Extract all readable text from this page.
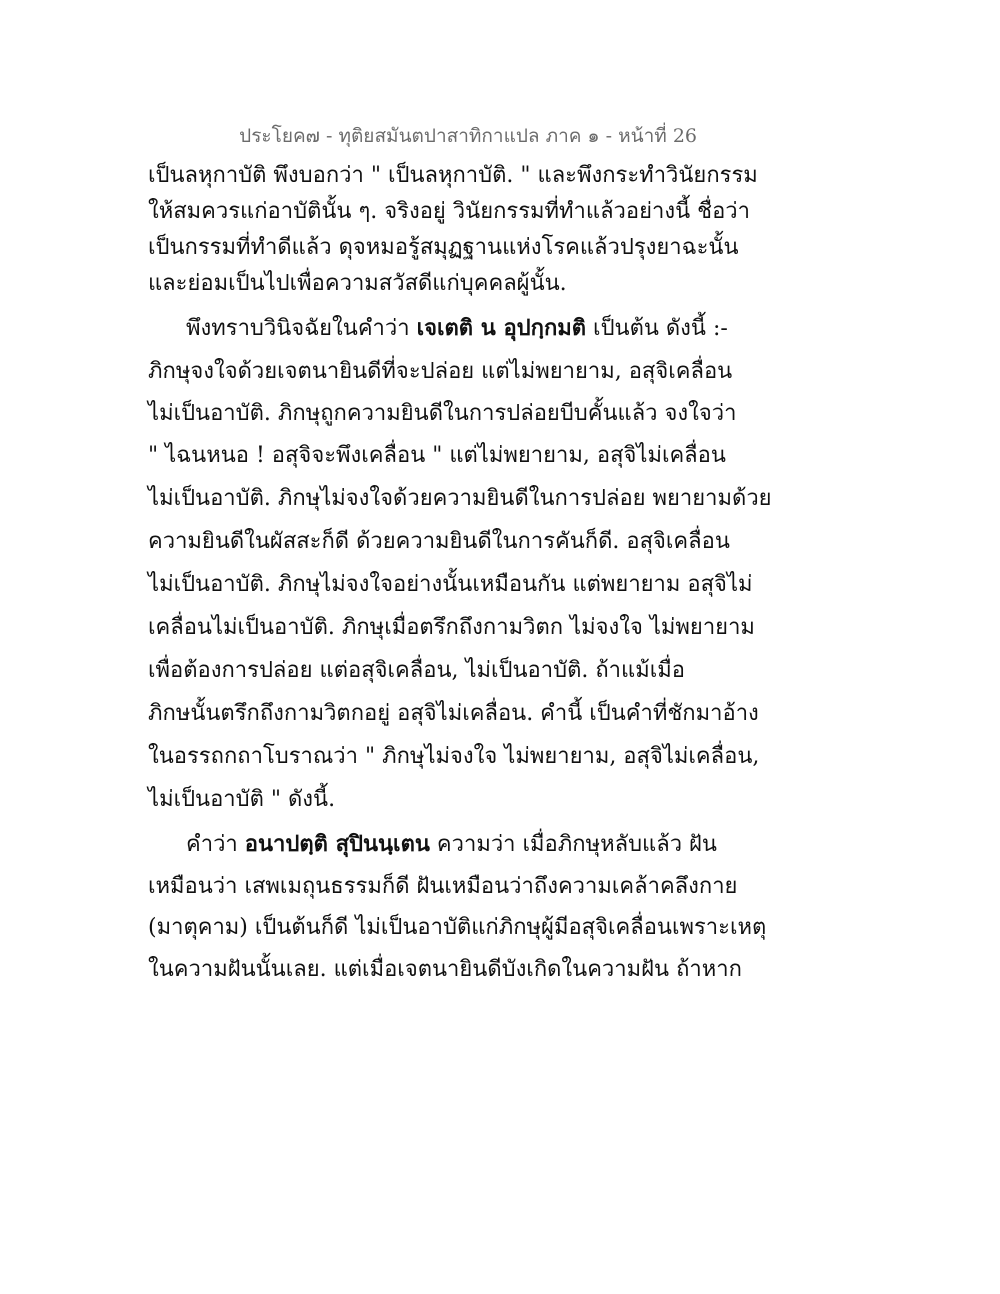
ประโยค๗ - ทุติยสมันตปาสาทิกาแปล ภาค ๑ - หน้าที่ 26
เป็นลหุกาบัติ พึงบอกว่า " เป็นลหุกาบัติ. " และพึงกระทำวินัยกรรม
ให้สมควรแก่อาบัตินั้น ๆ. จริงอยู่ วินัยกรรมที่ทำแล้วอย่างนี้ ชื่อว่า
เป็นกรรมที่ทำดีแล้ว ดุจหมอรู้สมุฏฐานแห่งโรคแล้วปรุงยาฉะนั้น
และย่อมเป็นไปเพื่อความสวัสดีแก่บุคคลผู้นั้น.
พึงทราบวินิจฉัยในคำว่า เจเตติ น อุปกฺกมติ เป็นต้น ดังนี้ :-
ภิกษุจงใจด้วยเจตนายินดีที่จะปล่อย แต่ไม่พยายาม, อสุจิเคลื่อน
ไม่เป็นอาบัติ. ภิกษุถูกความยินดีในการปล่อยบีบคั้นแล้ว จงใจว่า
" ไฉนหนอ ! อสุจิจะพึงเคลื่อน " แต่ไม่พยายาม, อสุจิไม่เคลื่อน
ไม่เป็นอาบัติ. ภิกษุไม่จงใจด้วยความยินดีในการปล่อย พยายามด้วย
ความยินดีในผัสสะก็ดี ด้วยความยินดีในการคันก็ดี. อสุจิเคลื่อน
ไม่เป็นอาบัติ. ภิกษุไม่จงใจอย่างนั้นเหมือนกัน แต่พยายาม อสุจิไม่
เคลื่อนไม่เป็นอาบัติ. ภิกษุเมื่อตรึกถึงกามวิตก ไม่จงใจ ไม่พยายาม
เพื่อต้องการปล่อย แต่อสุจิเคลื่อน, ไม่เป็นอาบัติ. ถ้าแม้เมื่อ
ภิกษนั้นตรึกถึงกามวิตกอยู่ อสุจิไม่เคลื่อน. คำนี้ เป็นคำที่ชักมาอ้าง
ในอรรถกถาโบราณว่า " ภิกษุไม่จงใจ ไม่พยายาม, อสุจิไม่เคลื่อน,
ไม่เป็นอาบัติ " ดังนี้.
คำว่า อนาปตฺติ สุปินนฺเตน ความว่า เมื่อภิกษุหลับแล้ว ฝัน
เหมือนว่า เสพเมถุนธรรมก็ดี ฝันเหมือนว่าถึงความเคล้าคลึงกาย
(มาตุคาม) เป็นต้นก็ดี ไม่เป็นอาบัติแก่ภิกษุผู้มีอสุจิเคลื่อนเพราะเหตุ
ในความฝันนั้นเลย. แต่เมื่อเจตนายินดีบังเกิดในความฝัน ถ้าหาก
